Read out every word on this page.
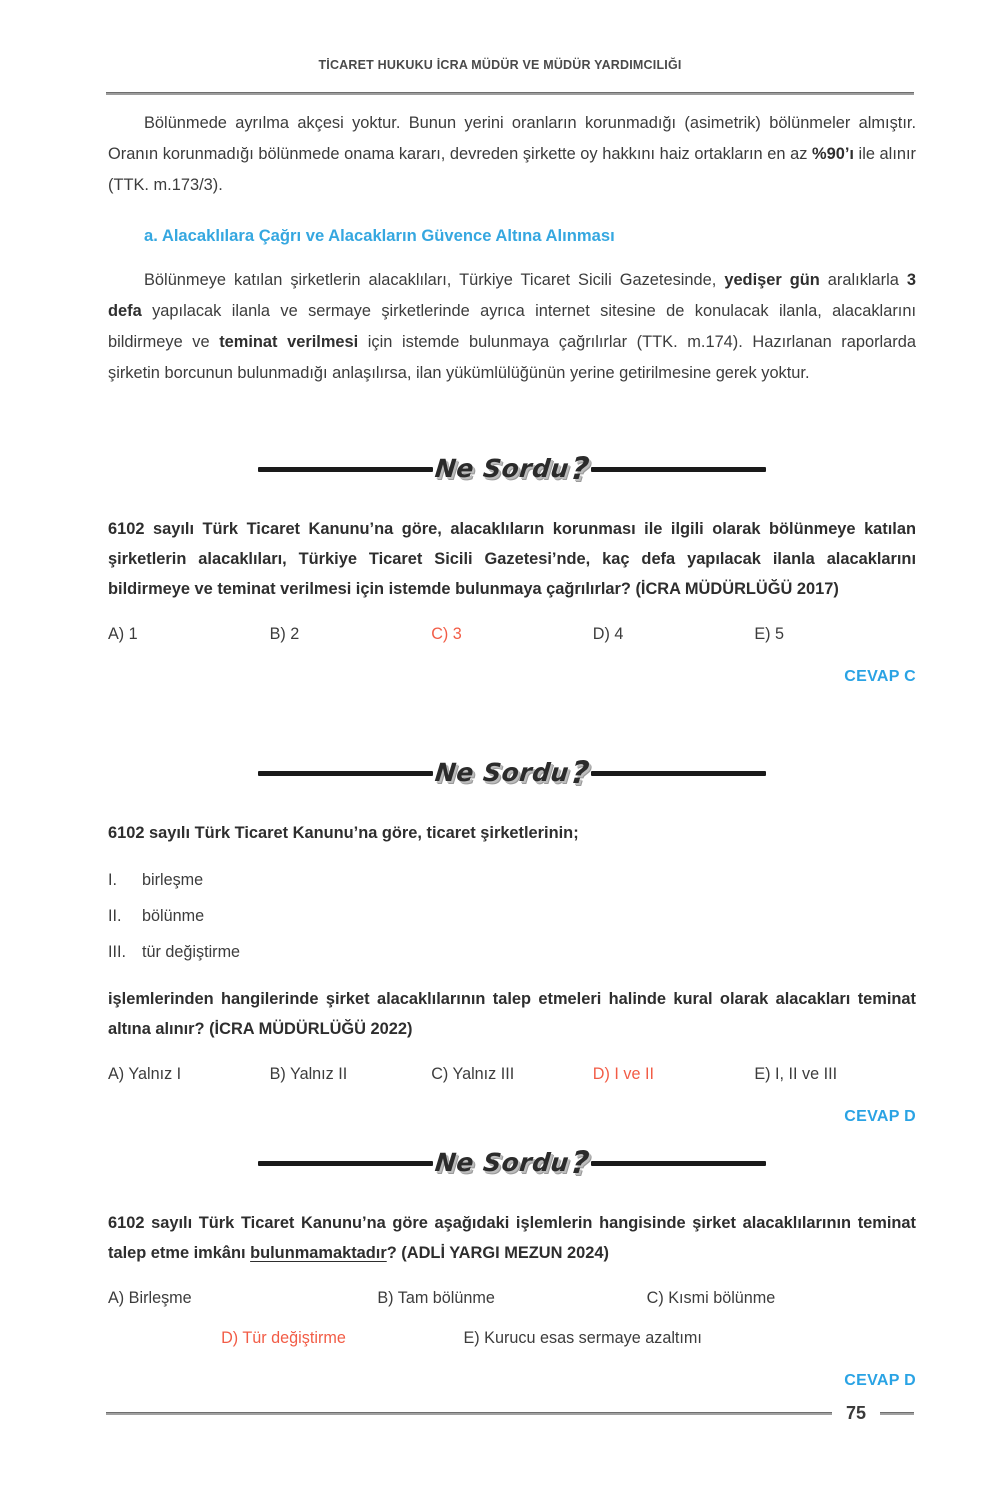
TİCARET HUKUKU İCRA MÜDÜR VE MÜDÜR YARDIMCILIĞI

Bölünmede ayrılma akçesi yoktur. Bunun yerini oranların korunmadığı (asimetrik) bölünmeler almıştır. Oranın korunmadığı bölünmede onama kararı, devreden şirkette oy hakkını haiz ortakların en az %90’ı ile alınır (TTK. m.173/3).

a. Alacaklılara Çağrı ve Alacakların Güvence Altına Alınması

Bölünmeye katılan şirketlerin alacaklıları, Türkiye Ticaret Sicili Gazetesinde, yedişer gün aralıklarla 3 defa yapılacak ilanla ve sermaye şirketlerinde ayrıca internet sitesine de konulacak ilanla, alacaklarını bildirmeye ve teminat verilmesi için istemde bulunmaya çağrılırlar (TTK. m.174). Hazırlanan raporlarda şirketin borcunun bulunmadığı anlaşılırsa, ilan yükümlülüğünün yerine getirilmesine gerek yoktur.

Ne Sordu?

6102 sayılı Türk Ticaret Kanunu’na göre, alacaklıların korunması ile ilgili olarak bölünmeye katılan şirketlerin alacaklıları, Türkiye Ticaret Sicili Gazetesi’nde, kaç defa yapılacak ilanla alacaklarını bildirmeye ve teminat verilmesi için istemde bulunmaya çağrılırlar? (İCRA MÜDÜRLÜĞÜ 2017)

A) 1	B) 2	C) 3	D) 4	E) 5
CEVAP C
Ne Sordu?

6102 sayılı Türk Ticaret Kanunu’na göre, ticaret şirketlerinin;

I.	birleşme
II.	bölünme
III. tür değiştirme

işlemlerinden hangilerinde şirket alacaklılarının talep etmeleri halinde kural olarak alacakları teminat altına alınır? (İCRA MÜDÜRLÜĞÜ 2022)

A) Yalnız I	B) Yalnız II	C) Yalnız III	D) I ve II	E) I, II ve III
CEVAP D
Ne Sordu?

6102 sayılı Türk Ticaret Kanunu’na göre aşağıdaki işlemlerin hangisinde şirket alacaklılarının teminat talep etme imkânı bulunmamaktadır? (ADLİ YARGI MEZUN 2024)

A) Birleşme	B) Tam bölünme	C) Kısmi bölünme
D) Tür değiştirme	E) Kurucu esas sermaye azaltımı
CEVAP D
75
